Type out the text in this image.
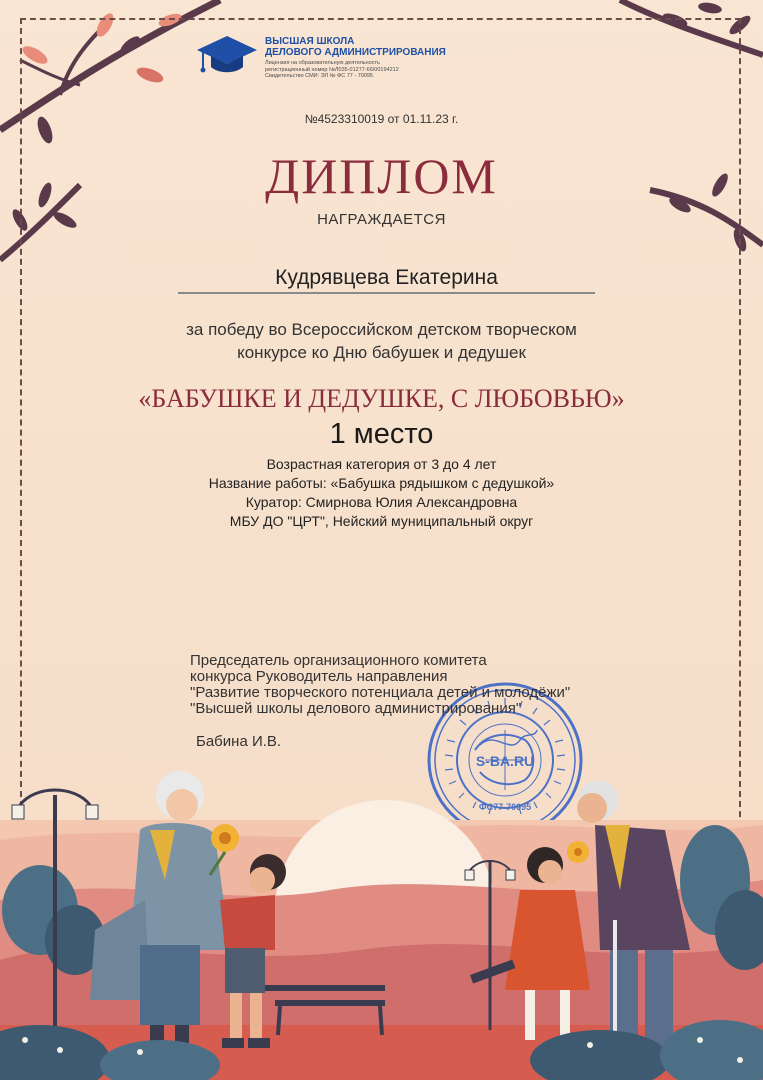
ВЫСШАЯ ШКОЛА
ДЕЛОВОГО АДМИНИСТРИРОВАНИЯ
Лицензия на образовательную деятельность
регистрационный номер №Л035-01277-66/00194212
Свидетельство СМИ: ЭЛ № ФС 77 - 70095
№4523310019 от 01.11.23 г.
ДИПЛОМ
НАГРАЖДАЕТСЯ
Кудрявцева Екатерина
за победу во Всероссийском детском творческом
конкурсе ко Дню бабушек и дедушек
«БАБУШКЕ И ДЕДУШКЕ, С ЛЮБОВЬЮ»
1 место
Возрастная категория от 3 до 4 лет
Название работы: «Бабушка рядышком с дедушкой»
Куратор: Смирнова Юлия Александровна
МБУ ДО "ЦРТ", Нейский муниципальный округ
S-BA.RU
ФС77-70095
Председатель организационного комитета
конкурса Руководитель направления
"Развитие творческого потенциала детей и молодёжи"
"Высшей школы делового администрирования"
Бабина И.В.
